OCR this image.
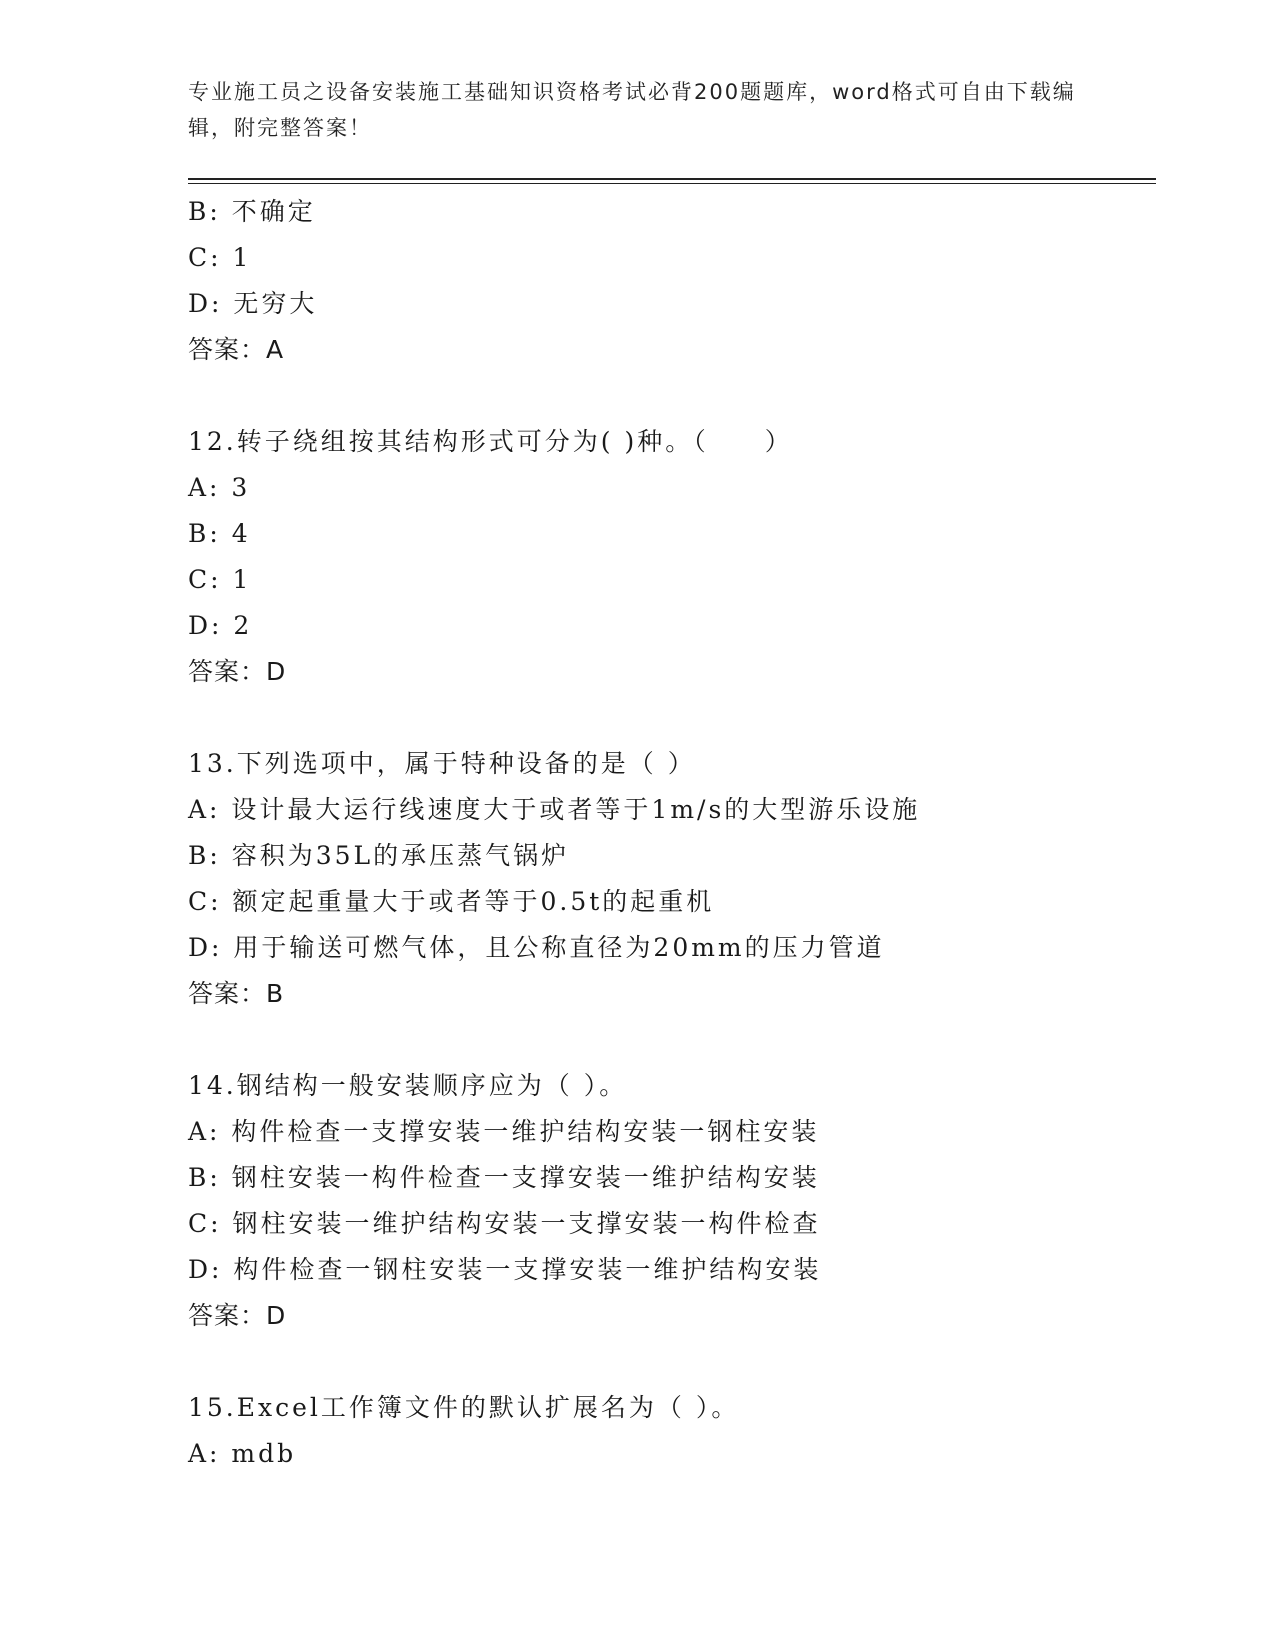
专业施工员之设备安装施工基础知识资格考试必背200题题库，word格式可自由下载编辑，附完整答案！
B: 不确定
C: 1
D: 无穷大
答案：A
12.转子绕组按其结构形式可分为( )种。（　　）
A: 3
B: 4
C: 1
D: 2
答案：D
13.下列选项中，属于特种设备的是（ ）
A: 设计最大运行线速度大于或者等于1m/s的大型游乐设施
B: 容积为35L的承压蒸气锅炉
C: 额定起重量大于或者等于0.5t的起重机
D: 用于输送可燃气体，且公称直径为20mm的压力管道
答案：B
14.钢结构一般安装顺序应为（ ）。
A: 构件检查一支撑安装一维护结构安装一钢柱安装
B: 钢柱安装一构件检查一支撑安装一维护结构安装
C: 钢柱安装一维护结构安装一支撑安装一构件检查
D: 构件检查一钢柱安装一支撑安装一维护结构安装
答案：D
15.Excel工作簿文件的默认扩展名为（ ）。
A: mdb
